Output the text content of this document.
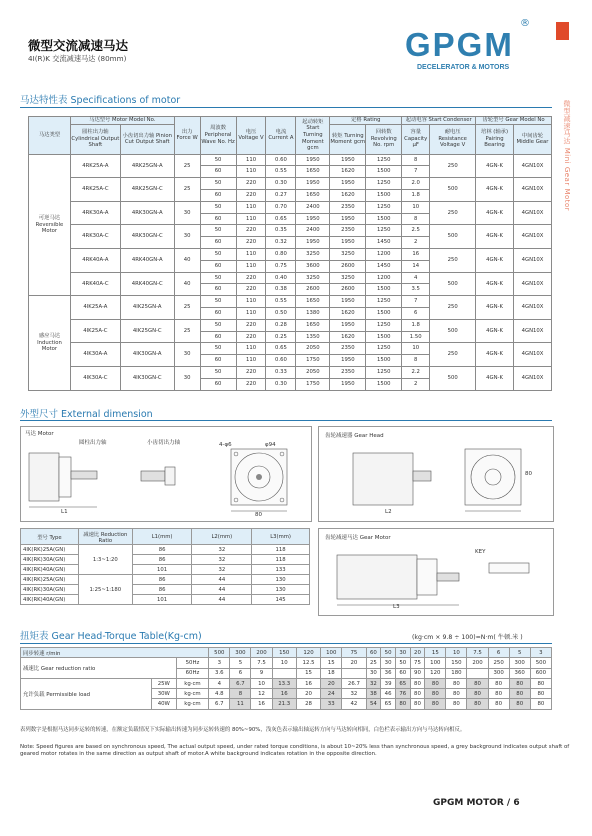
微型交流减速马达
4I(R)K 交流减速马达 (80mm)	GPGM
®
DECELERATOR & MOTORS
微型减速马达 Mini Gear Motor
马达特性表 Specifications of motor
马达类型	马达型号 Motor Model No.		出力 Force W	周波数 Peripheral Wave No. Hz	电压 Voltage V	电流 Current A	起动转矩 Start Turning Moment gcm	定格 Rating		起动电容 Start Condenser		齿轮型号 Gear Model No	
	圆柱出力轴 Cylindrical Output Shaft	小齿切出力轴 Pinion Cut Output Shaft						转矩 Turning Moment gcm	回转数 Revolving No. rpm	容量 Capacity μF	耐电压 Resistance Voltage V	培林 (轴承) Pairing Bearing	中间齿轮 Middle Gear
可逆马达 Reversible Motor	4RK25A-A	4RK25GN-A	25	50	110	0.60	1950	1950	1250	8	250	4GN-K	4GN10X
				60	110	0.55	1650	1620	1500	7			
	4RK25A-C	4RK25GN-C	25	50	220	0.30	1950	1950	1250	2.0	500	4GN-K	4GN10X
				60	220	0.27	1650	1620	1500	1.8			
	4RK30A-A	4RK30GN-A	30	50	110	0.70	2400	2350	1250	10	250	4GN-K	4GN10X
				60	110	0.65	1950	1950	1500	8			
	4RK30A-C	4RK30GN-C	30	50	220	0.35	2400	2350	1250	2.5	500	4GN-K	4GN10X
				60	220	0.32	1950	1950	1450	2			
	4RK40A-A	4RK40GN-A	40	50	110	0.80	3250	3250	1200	16	250	4GN-K	4GN10X
				60	110	0.75	3600	2600	1450	14			
	4RK40A-C	4RK40GN-C	40	50	220	0.40	3250	3250	1200	4	500	4GN-K	4GN10X
				60	220	0.38	2600	2600	1500	3.5			
感应马达 Induction Motor	4IK25A-A	4IK25GN-A	25	50	110	0.55	1650	1950	1250	7	250	4GN-K	4GN10X
				60	110	0.50	1380	1620	1500	6			
	4IK25A-C	4IK25GN-C	25	50	220	0.28	1650	1950	1250	1.8	500	4GN-K	4GN10X
				60	220	0.25	1350	1620	1500	1.50			
	4IK30A-A	4IK30GN-A	30	50	110	0.65	2050	2350	1250	10	250	4GN-K	4GN10X
				60	110	0.60	1750	1950	1500	8			
	4IK30A-C	4IK30GN-C	30	50	220	0.33	2050	2350	1250	2.2	500	4GN-K	4GN10X
				60	220	0.30	1750	1950	1500	2			
外型尺寸 External dimension
马达 Motor
圆柱出力轴	小齿切出力轴
L1
4-φ6	φ94
80
齿轮减速器 Gear Head
L2
80
型号 Type	减速比 Reduction Ratio	L1(mm)	L2(mm)	L3(mm)
4IK(RK)25A(GN)	1:3~1:20	86	32	118
4IK(RK)30A(GN)		86	32	118
4IK(RK)40A(GN)		101	32	133
4IK(RK)25A(GN)	1:25~1:180	86	44	130
4IK(RK)30A(GN)		86	44	130
4IK(RK)40A(GN)		101	44	145
齿轮减速马达 Gear Motor
KEY
L3
扭矩表 Gear Head-Torque Table(Kg-cm)	(kg·cm × 9.8 ÷ 100)=N·m( 牛顿.米 )
同步转速 r/min			500	300	200	150	120	100	75	60	50	30	20	15	10	7.5	6	5	3
减速比 Gear reduction ratio		50Hz	3	5	7.5	10	12.5	15	20	25	30	50	75	100	150	200	250	300	500
		60Hz	3.6	6	9		15	18		30	36	60	90	120	180		300	360	600
允许负载 Permissible load	25W	kg·cm	4	6.7	10	13.3	16	20	26.7	32	39	65	80	80	80	80	80	80	80
	30W	kg·cm	4.8	8	12	16	20	24	32	38	46	76	80	80	80	80	80	80	80
	40W	kg·cm	6.7	11	16	21.3	28	33	42	54	65	80	80	80	80	80	80	80	80
表列数字是根据马达同步运转的转速，在额定负载情况下实际输出转速为同步运转转速的 80%~90%，浅灰色表示输出轴运转方向与马达转向相同，白色栏表示输出方向与马达转向相反。
Note: Speed figures are based on synchronous speed, The actual output speed, under rated torque conditions, is about 10~20% less than synchronous speed, a grey background indicates output shaft of geared motor rotates in the same direction as output shaft of motor.A white background indicates rotation in the opposite direction.
GPGM MOTOR / 6
